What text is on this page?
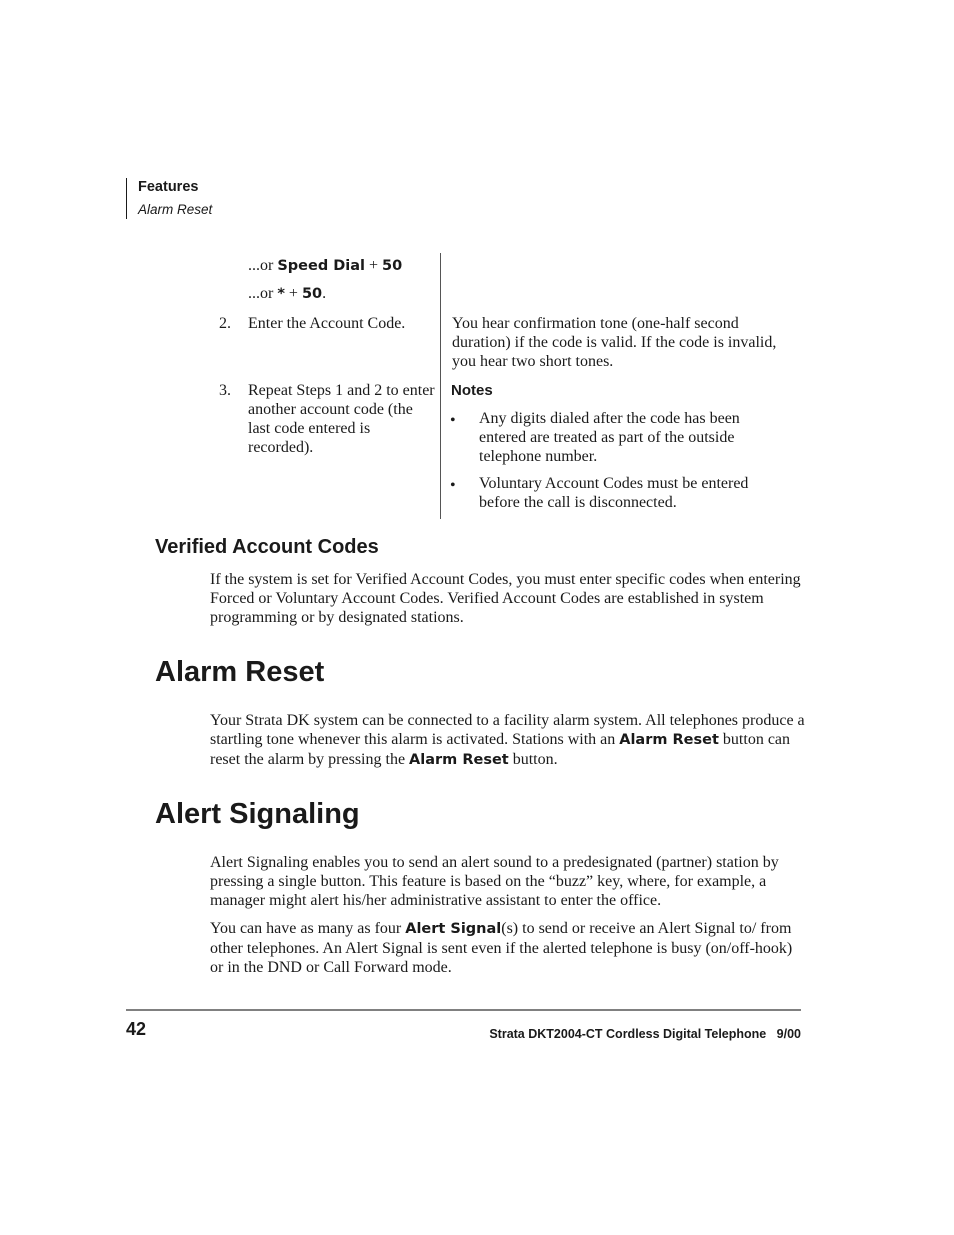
Features
Alarm Reset
...or Speed Dial + 50
...or * + 50.
2. Enter the Account Code.	You hear confirmation tone (one-half second duration) if the code is valid. If the code is invalid, you hear two short tones.
3. Repeat Steps 1 and 2 to enter another account code (the last code entered is recorded).
Notes
• Any digits dialed after the code has been entered are treated as part of the outside telephone number.
• Voluntary Account Codes must be entered before the call is disconnected.
Verified Account Codes
If the system is set for Verified Account Codes, you must enter specific codes when entering Forced or Voluntary Account Codes. Verified Account Codes are established in system programming or by designated stations.
Alarm Reset
Your Strata DK system can be connected to a facility alarm system. All telephones produce a startling tone whenever this alarm is activated. Stations with an Alarm Reset button can reset the alarm by pressing the Alarm Reset button.
Alert Signaling
Alert Signaling enables you to send an alert sound to a predesignated (partner) station by pressing a single button. This feature is based on the “buzz” key, where, for example, a manager might alert his/her administrative assistant to enter the office.
You can have as many as four Alert Signal(s) to send or receive an Alert Signal to/ from other telephones. An Alert Signal is sent even if the alerted telephone is busy (on/off-hook) or in the DND or Call Forward mode.
42	Strata DKT2004-CT Cordless Digital Telephone   9/00
